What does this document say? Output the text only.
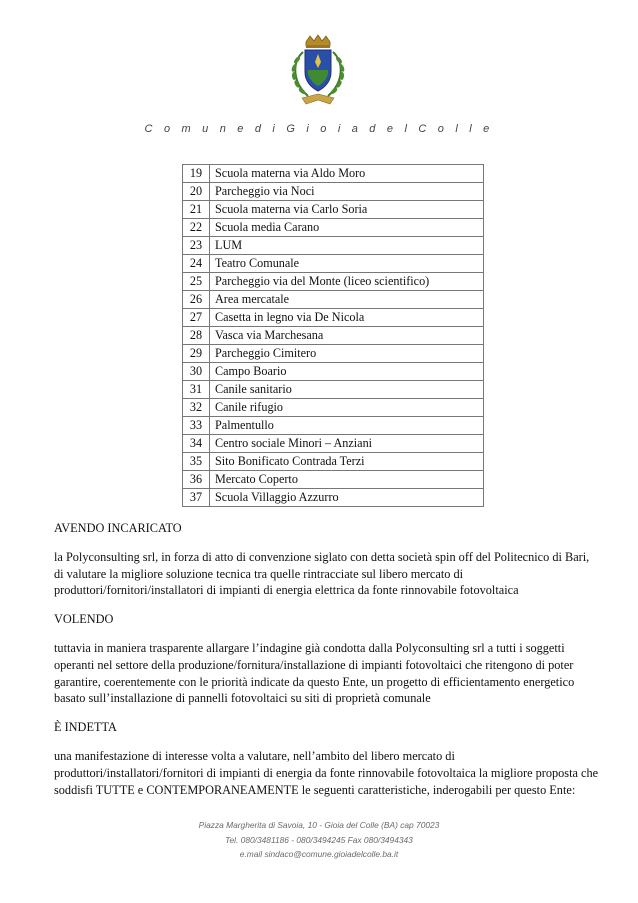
C o m u n e d i G i o i a d e l C o l l e
19	Scuola materna via Aldo Moro
20	Parcheggio via Noci
21	Scuola materna via Carlo Soria
22	Scuola media Carano
23	LUM
24	Teatro Comunale
25	Parcheggio via del Monte (liceo scientifico)
26	Area mercatale
27	Casetta in legno via De Nicola
28	Vasca via Marchesana
29	Parcheggio Cimitero
30	Campo Boario
31	Canile sanitario
32	Canile rifugio
33	Palmentullo
34	Centro sociale Minori – Anziani
35	Sito Bonificato Contrada Terzi
36	Mercato Coperto
37	Scuola Villaggio Azzurro

AVENDO INCARICATO

la Polyconsulting srl, in forza di atto di convenzione siglato con detta società spin off del Politecnico di Bari, di valutare la migliore soluzione tecnica tra quelle rintracciate sul libero mercato di produttori/fornitori/installatori di impianti di energia elettrica da fonte rinnovabile fotovoltaica

VOLENDO

tuttavia in maniera trasparente allargare l’indagine già condotta dalla Polyconsulting srl a tutti i soggetti operanti nel settore della produzione/fornitura/installazione di impianti fotovoltaici che ritengono di poter garantire, coerentemente con le priorità indicate da questo Ente, un progetto di efficientamento energetico basato sull’installazione di pannelli fotovoltaici su siti di proprietà comunale

È INDETTA

una manifestazione di interesse volta a valutare, nell’ambito del libero mercato di produttori/installatori/fornitori di impianti di energia da fonte rinnovabile fotovoltaica la migliore proposta che soddisfi TUTTE e CONTEMPORANEAMENTE le seguenti caratteristiche, inderogabili per questo Ente:

Piazza Margherita di Savoia, 10 - Gioia del Colle (BA) cap 70023
Tel. 080/3481186 - 080/3494245 Fax 080/3494343
e.mail sindaco@comune.gioiadelcolle.ba.it
